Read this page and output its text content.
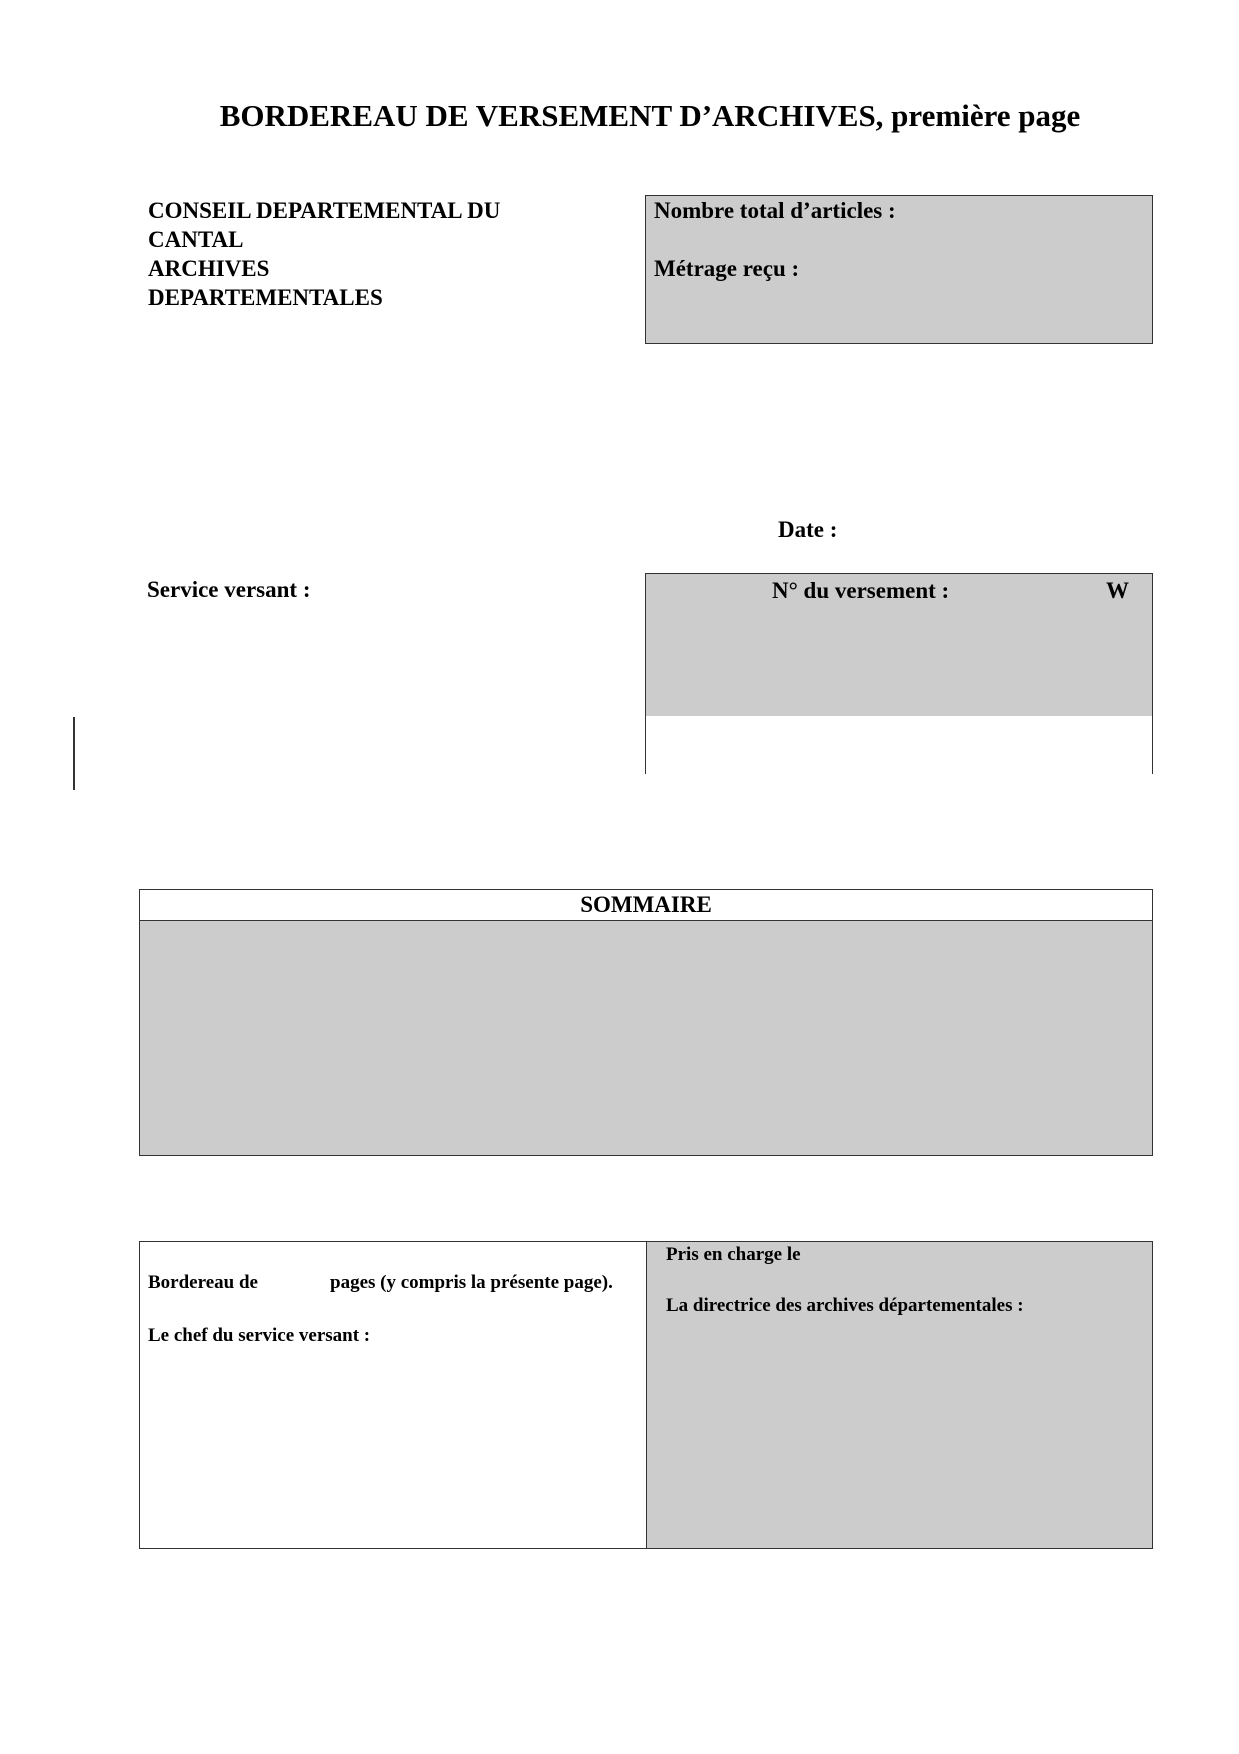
BORDEREAU DE VERSEMENT D’ARCHIVES, première page
CONSEIL DEPARTEMENTAL DU
CANTAL
ARCHIVES
DEPARTEMENTALES
Nombre total d’articles :
Métrage reçu :
Date :
Service versant :	N° du versement :	W
SOMMAIRE
Bordereau de	pages (y compris la présente page).
Le chef du service versant :
Pris en charge le
La directrice des archives départementales :
